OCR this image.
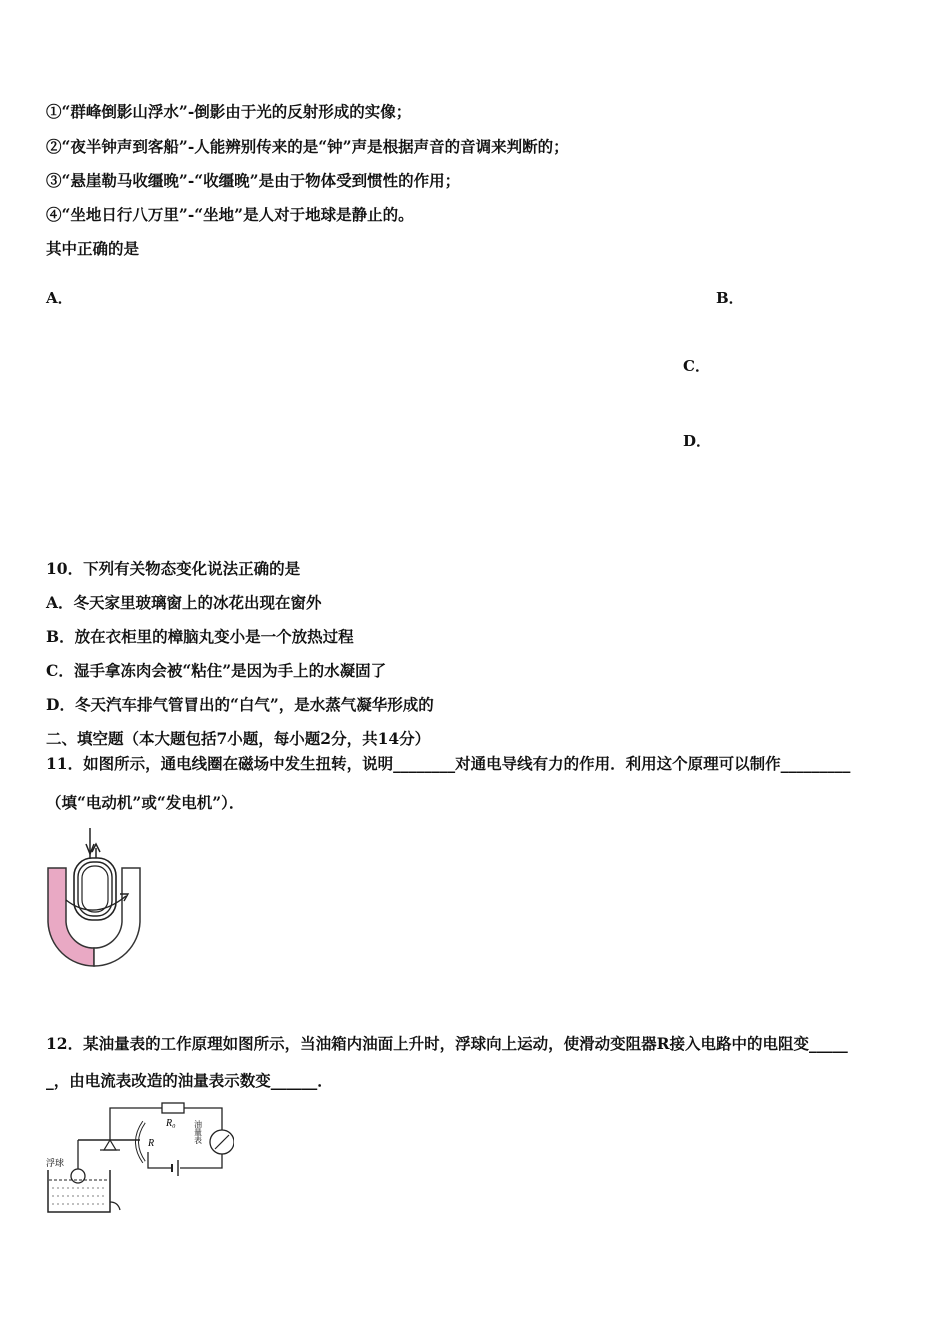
①“群峰倒影山浮水”-倒影由于光的反射形成的实像；
②“夜半钟声到客船”-人能辨别传来的是“钟”声是根据声音的音调来判断的；
③“悬崖勒马收缰晚”-“收缰晚”是由于物体受到惯性的作用；
④“坐地日行八万里”-“坐地”是人对于地球是静止的。
其中正确的是
A．	B．
C．
D．
10．下列有关物态变化说法正确的是
A．冬天家里玻璃窗上的冰花出现在窗外
B．放在衣柜里的樟脑丸变小是一个放热过程
C．湿手拿冻肉会被“粘住”是因为手上的水凝固了
D．冬天汽车排气管冒出的“白气”，是水蒸气凝华形成的
二、填空题（本大题包括7小题，每小题2分，共14分）
11．如图所示，通电线圈在磁场中发生扭转，说明________对通电导线有力的作用．利用这个原理可以制作_________
（填“电动机”或“发电机”）．
12．某油量表的工作原理如图所示，当油箱内油面上升时，浮球向上运动，使滑动变阻器R接入电路中的电阻变_____
_，由电流表改造的油量表示数变______．
R₀
R
浮球
油量表
